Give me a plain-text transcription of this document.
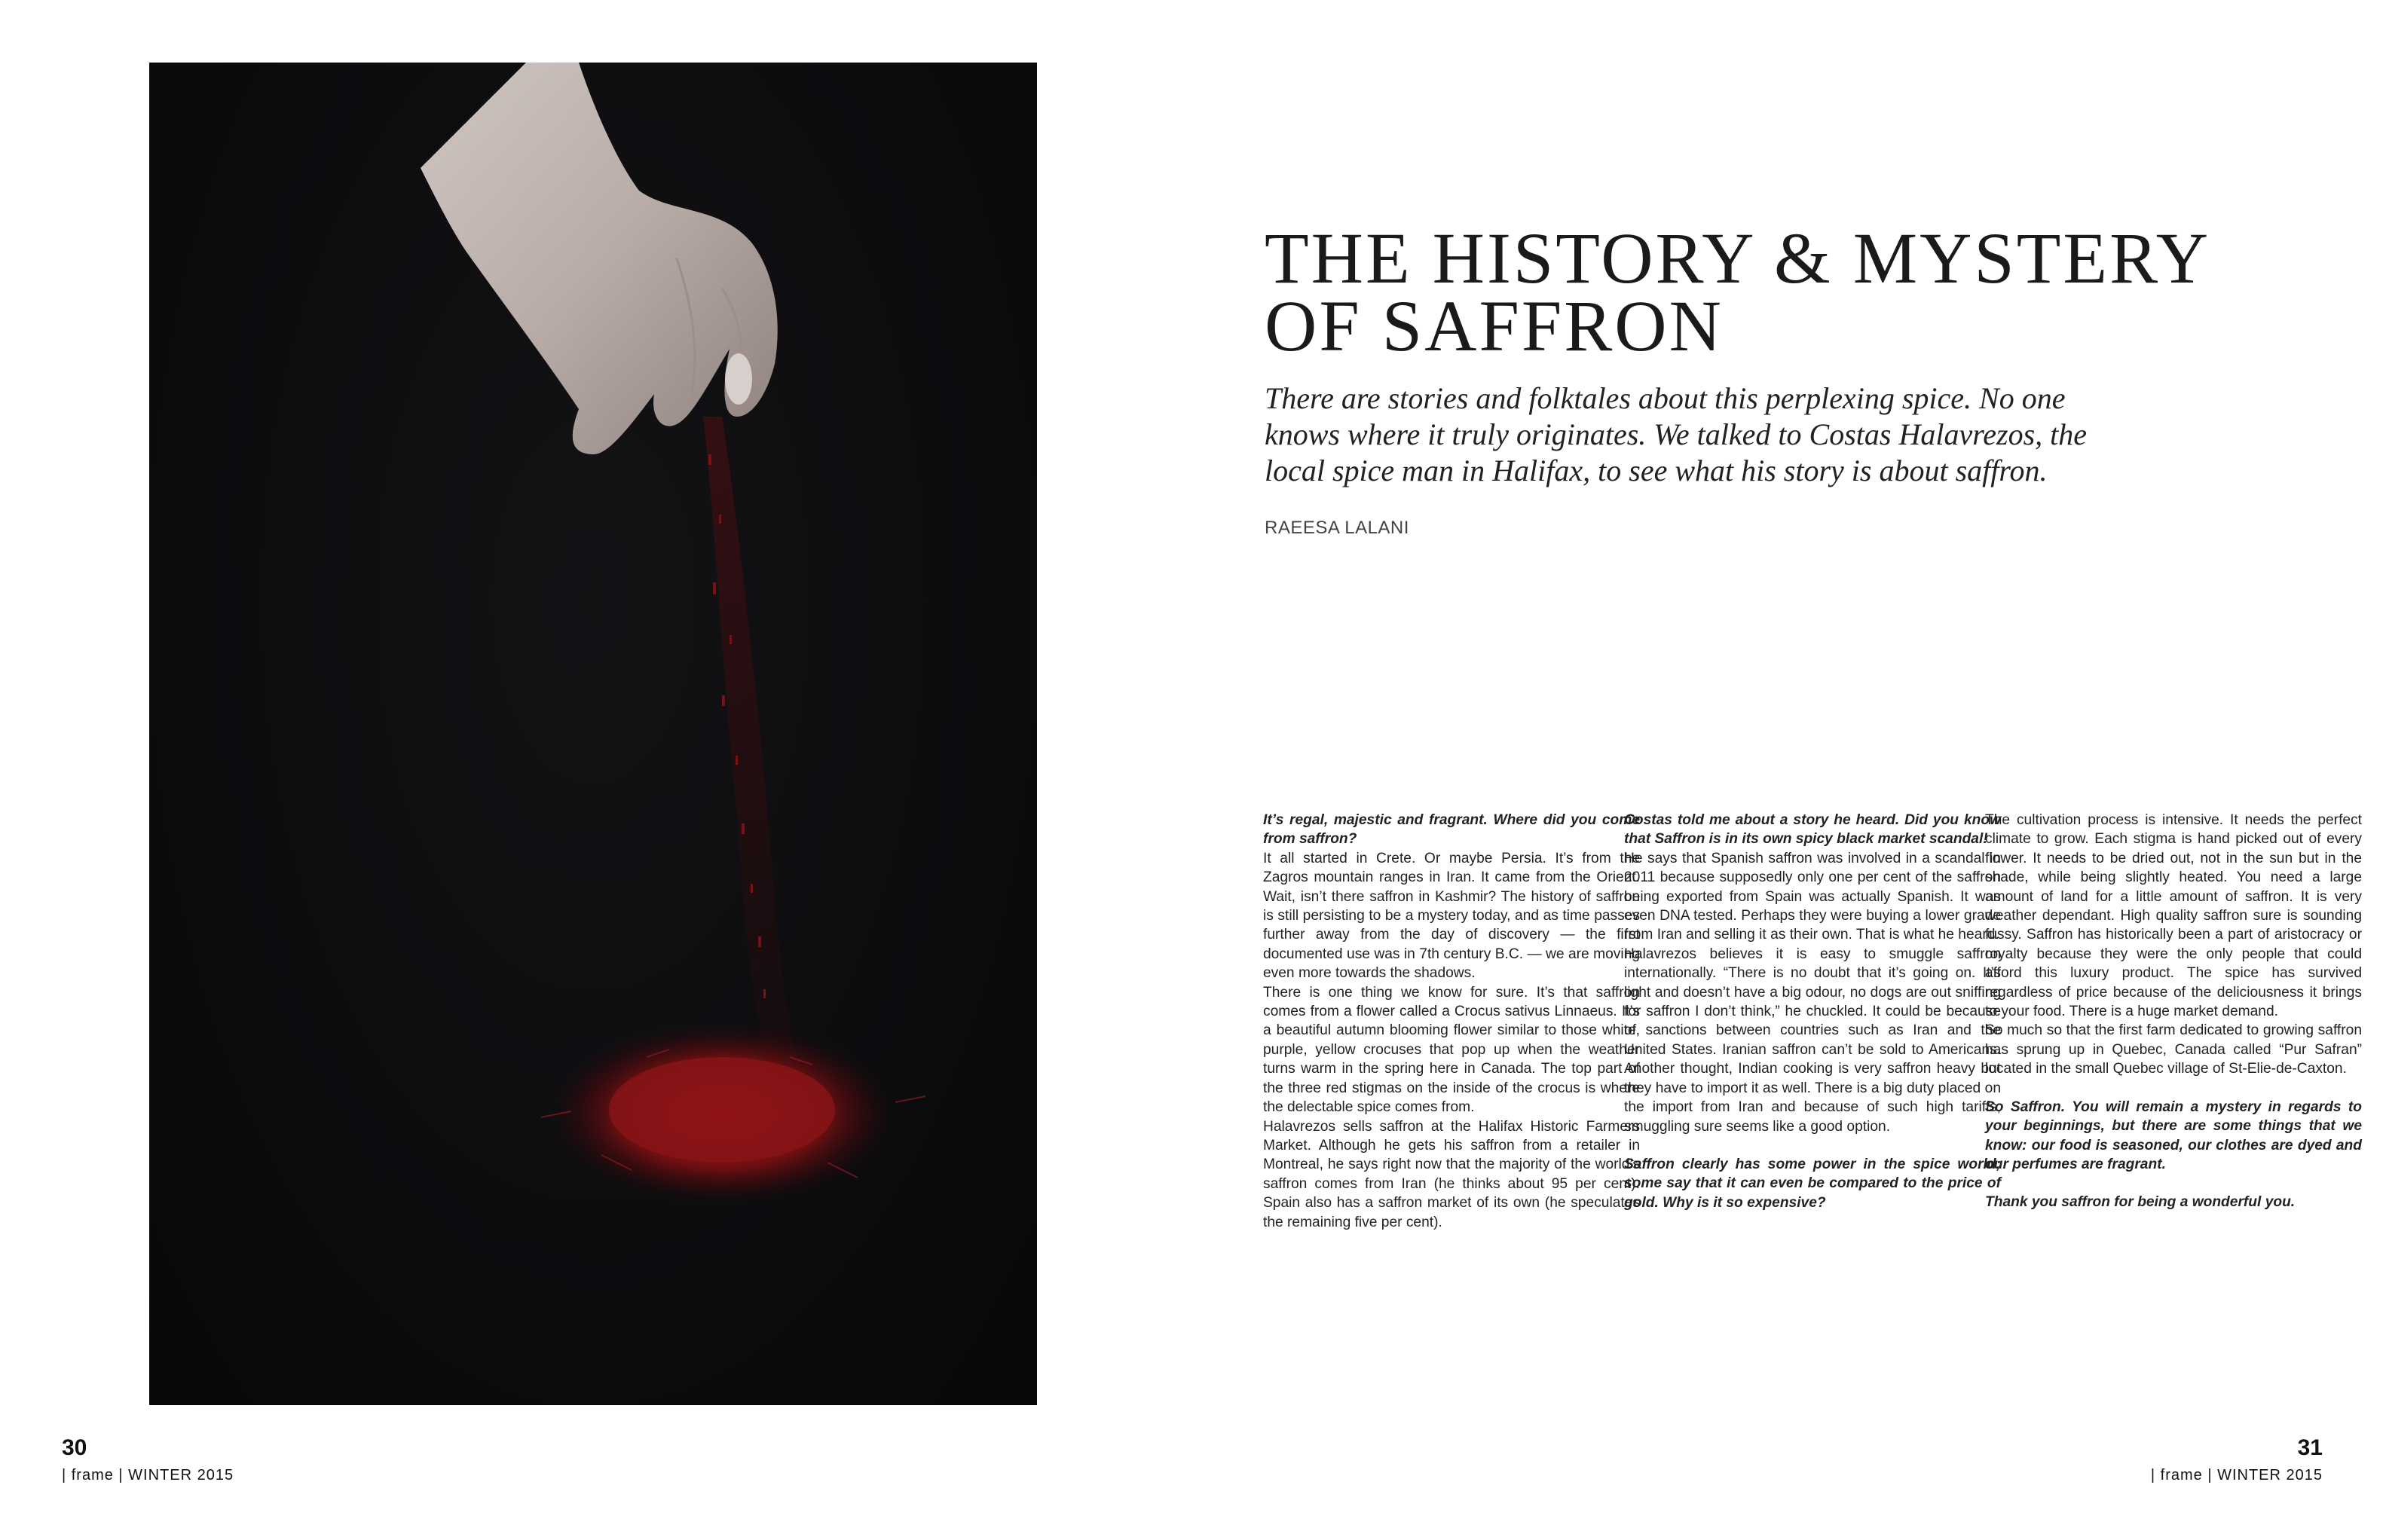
THE HISTORY & MYSTERY
OF SAFFRON
There are stories and folktales about this perplexing spice. No one knows where it truly originates. We talked to Costas Halavrezos, the local spice man in Halifax, to see what his story is about saffron.
RAEESA LALANI

It’s regal, majestic and fragrant. Where did you come from saffron?

It all started in Crete. Or maybe Persia. It’s from the Zagros mountain ranges in Iran. It came from the Orient. Wait, isn’t there saffron in Kashmir? The history of saffron is still persisting to be a mystery today, and as time passes further away from the day of discovery — the first documented use was in 7th century B.C. — we are moving even more towards the shadows.

There is one thing we know for sure. It’s that saffron comes from a flower called a Crocus sativus Linnaeus. It’s a beautiful autumn blooming flower similar to those white, purple, yellow crocuses that pop up when the weather turns warm in the spring here in Canada. The top part of the three red stigmas on the inside of the crocus is where the delectable spice comes from.

Halavrezos sells saffron at the Halifax Historic Farmers Market. Although he gets his saffron from a retailer in Montreal, he says right now that the majority of the world’s saffron comes from Iran (he thinks about 95 per cent). Spain also has a saffron market of its own (he speculates the remaining five per cent).

Costas told me about a story he heard. Did you know that Saffron is in its own spicy black market scandal!

He says that Spanish saffron was involved in a scandal in 2011 because supposedly only one per cent of the saffron being exported from Spain was actually Spanish. It was even DNA tested. Perhaps they were buying a lower grade from Iran and selling it as their own. That is what he heard.

Halavrezos believes it is easy to smuggle saffron internationally. “There is no doubt that it’s going on. It’s light and doesn’t have a big odour, no dogs are out sniffing for saffron I don’t think,” he chuckled. It could be because of sanctions between countries such as Iran and the United States. Iranian saffron can’t be sold to Americans. Another thought, Indian cooking is very saffron heavy but they have to import it as well. There is a big duty placed on the import from Iran and because of such high tariffs; smuggling sure seems like a good option.

Saffron clearly has some power in the spice world; some say that it can even be compared to the price of gold. Why is it so expensive?

The cultivation process is intensive. It needs the perfect climate to grow. Each stigma is hand picked out of every flower. It needs to be dried out, not in the sun but in the shade, while being slightly heated. You need a large amount of land for a little amount of saffron. It is very weather dependant. High quality saffron sure is sounding fussy. Saffron has historically been a part of aristocracy or royalty because they were the only people that could afford this luxury product. The spice has survived regardless of price because of the deliciousness it brings to your food. There is a huge market demand.

So much so that the first farm dedicated to growing saffron has sprung up in Quebec, Canada called “Pur Safran” located in the small Quebec village of St-Elie-de-Caxton.

So Saffron. You will remain a mystery in regards to your beginnings, but there are some things that we know: our food is seasoned, our clothes are dyed and our perfumes are fragrant.

Thank you saffron for being a wonderful you.

30
| frame | WINTER 2015
31
| frame | WINTER 2015
